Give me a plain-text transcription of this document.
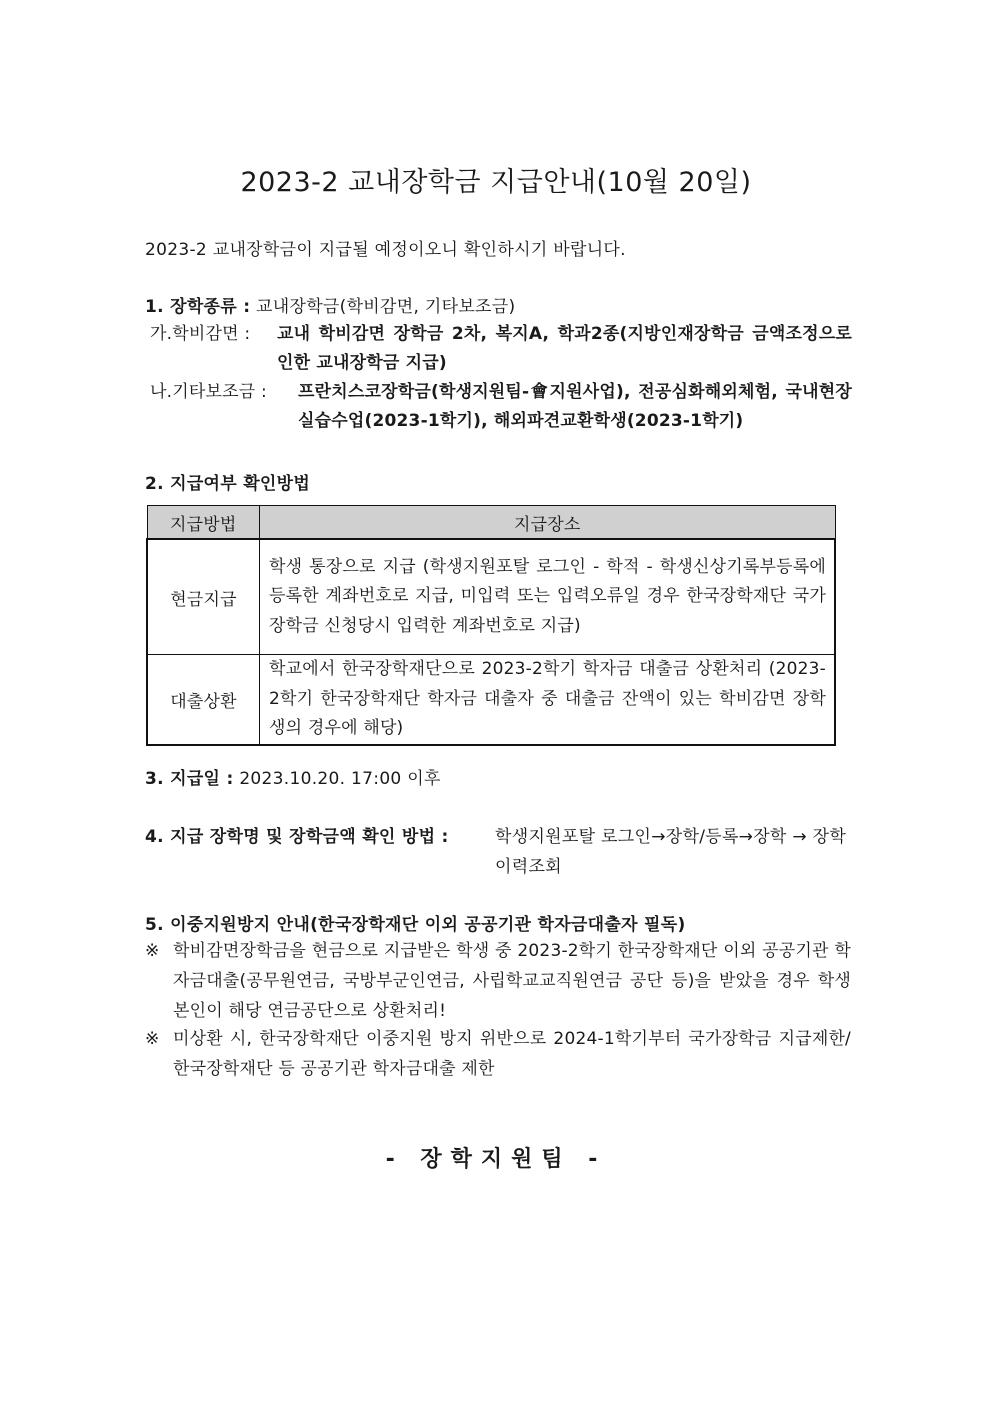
2023-2 교내장학금 지급안내(10월 20일)
2023-2 교내장학금이 지급될 예정이오니 확인하시기 바랍니다.
1. 장학종류 : 교내장학금(학비감면, 기타보조금)
가.학비감면 : 교내 학비감면 장학금 2차, 복지A, 학과2종(지방인재장학금 금액조정으로 인한 교내장학금 지급)
나.기타보조금 : 프란치스코장학금(학생지원팀-會지원사업), 전공심화해외체험, 국내현장실습수업(2023-1학기), 해외파견교환학생(2023-1학기)
2. 지급여부 확인방법
지급방법	지급장소
현금지급	학생 통장으로 지급 (학생지원포탈 로그인 - 학적 - 학생신상기록부등록에 등록한 계좌번호로 지급, 미입력 또는 입력오류일 경우 한국장학재단 국가장학금 신청당시 입력한 계좌번호로 지급)
대출상환	학교에서 한국장학재단으로 2023-2학기 학자금 대출금 상환처리 (2023-2학기 한국장학재단 학자금 대출자 중 대출금 잔액이 있는 학비감면 장학생의 경우에 해당)
3. 지급일 : 2023.10.20. 17:00 이후
4. 지급 장학명 및 장학금액 확인 방법 :	학생지원포탈 로그인→장학/등록→장학 → 장학이력조회
5. 이중지원방지 안내(한국장학재단 이외 공공기관 학자금대출자 필독)
※ 학비감면장학금을 현금으로 지급받은 학생 중 2023-2학기 한국장학재단 이외 공공기관 학자금대출(공무원연금, 국방부군인연금, 사립학교교직원연금 공단 등)을 받았을 경우 학생 본인이 해당 연금공단으로 상환처리!
※ 미상환 시, 한국장학재단 이중지원 방지 위반으로 2024-1학기부터 국가장학금 지급제한/ 한국장학재단 등 공공기관 학자금대출 제한
- 장학지원팀 -
